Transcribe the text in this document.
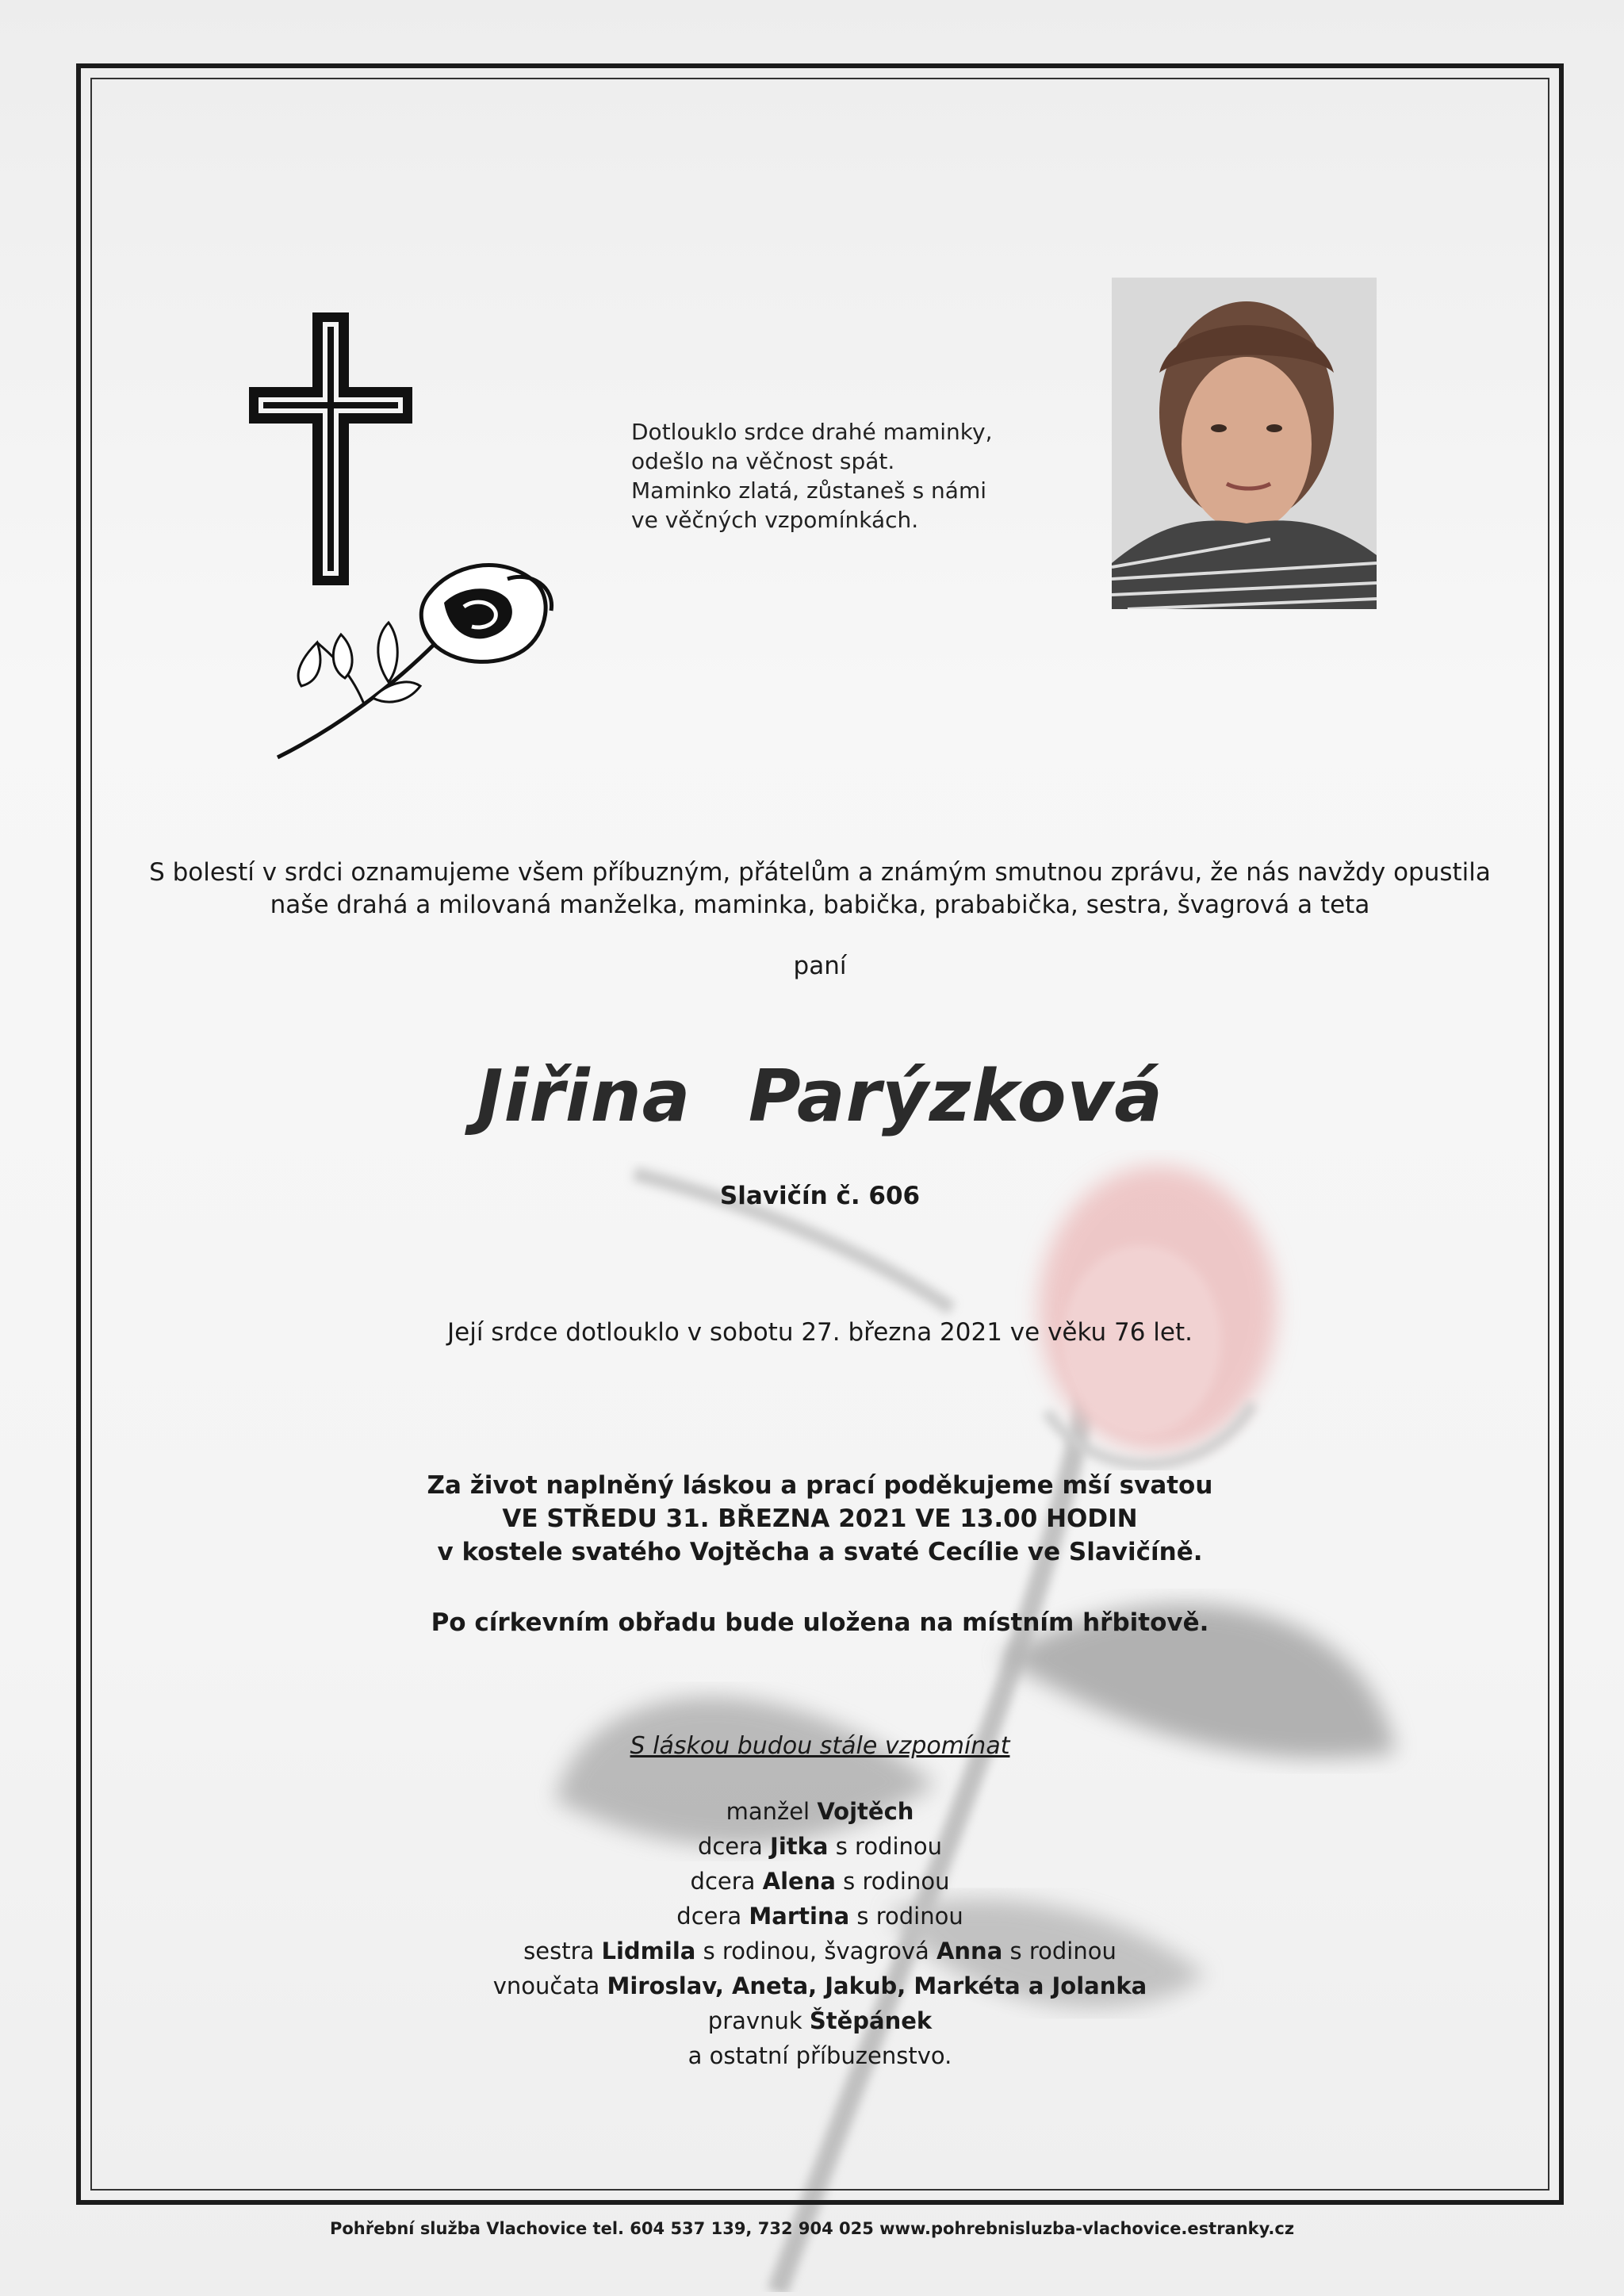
Dotlouklo srdce drahé maminky,
odešlo na věčnost spát.
Maminko zlatá, zůstaneš s námi
ve věčných vzpomínkách.
S bolestí v srdci oznamujeme všem příbuzným, přátelům a známým smutnou zprávu, že nás navždy opustila
naše drahá a milovaná manželka, maminka, babička, prababička, sestra, švagrová a teta
paní
Jiřina Parýzková
Slavičín č. 606
Její srdce dotlouklo v sobotu 27. března 2021 ve věku 76 let.
Za život naplněný láskou a prací poděkujeme mší svatou
VE STŘEDU 31. BŘEZNA 2021 VE 13.00 HODIN
v kostele svatého Vojtěcha a svaté Cecílie ve Slavičíně.
Po církevním obřadu bude uložena na místním hřbitově.
S láskou budou stále vzpomínat
manžel Vojtěch
dcera Jitka s rodinou
dcera Alena s rodinou
dcera Martina s rodinou
sestra Lidmila s rodinou, švagrová Anna s rodinou
vnoučata Miroslav, Aneta, Jakub, Markéta a Jolanka
pravnuk Štěpánek
a ostatní příbuzenstvo.
Pohřební služba Vlachovice tel. 604 537 139, 732 904 025 www.pohrebnisluzba-vlachovice.estranky.cz
